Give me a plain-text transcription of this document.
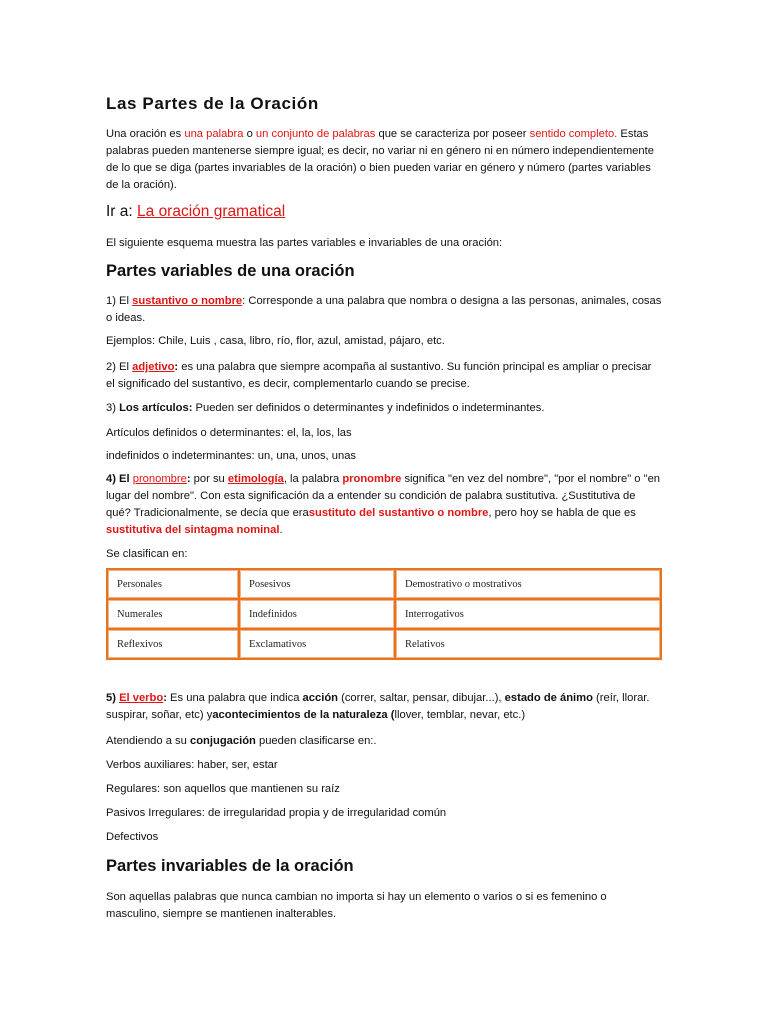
Las Partes de la Oración

Una oración es una palabra o un conjunto de palabras que se caracteriza por poseer sentido completo. Estas palabras pueden mantenerse siempre igual; es decir, no variar ni en género ni en número independientemente de lo que se diga (partes invariables de la oración) o bien pueden variar en género y número (partes variables de la oración).

Ir a: La oración gramatical

El siguiente esquema muestra las partes variables e invariables de una oración:

Partes variables de una oración

1) El sustantivo o nombre: Corresponde a una palabra que nombra o designa a las personas, animales, cosas o ideas.

Ejemplos: Chile, Luis , casa, libro, río, flor, azul, amistad, pájaro, etc.

2) El adjetivo: es una palabra que siempre acompaña al sustantivo. Su función principal es ampliar o precisar el significado del sustantivo, es decir, complementarlo cuando se precise.

3) Los artículos: Pueden ser definidos o determinantes y indefinidos o indeterminantes.

Artículos definidos o determinantes: el, la, los, las

indefinidos o indeterminantes: un, una, unos, unas

4) El pronombre: por su etimología, la palabra pronombre significa "en vez del nombre", "por el nombre" o "en lugar del nombre". Con esta significación da a entender su condición de palabra sustitutiva. ¿Sustitutiva de qué? Tradicionalmente, se decía que erasustituto del sustantivo o nombre, pero hoy se habla de que es sustitutiva del sintagma nominal.

Se clasifican en:

Personales	Posesivos	Demostrativo o mostrativos
Numerales	Indefinidos	Interrogativos
Reflexivos	Exclamativos	Relativos

5) El verbo: Es una palabra que indica acción (correr, saltar, pensar, dibujar...), estado de ánimo (reír, llorar. suspirar, soñar, etc) yacontecimientos de la naturaleza (llover, temblar, nevar, etc.)

Atendiendo a su conjugación pueden clasificarse en:.

Verbos auxiliares: haber, ser, estar

Regulares: son aquellos que mantienen su raíz

Pasivos Irregulares: de irregularidad propia y de irregularidad común

Defectivos

Partes invariables de la oración

Son aquellas palabras que nunca cambian no importa si hay un elemento o varios o si es femenino o masculino, siempre se mantienen inalterables.
